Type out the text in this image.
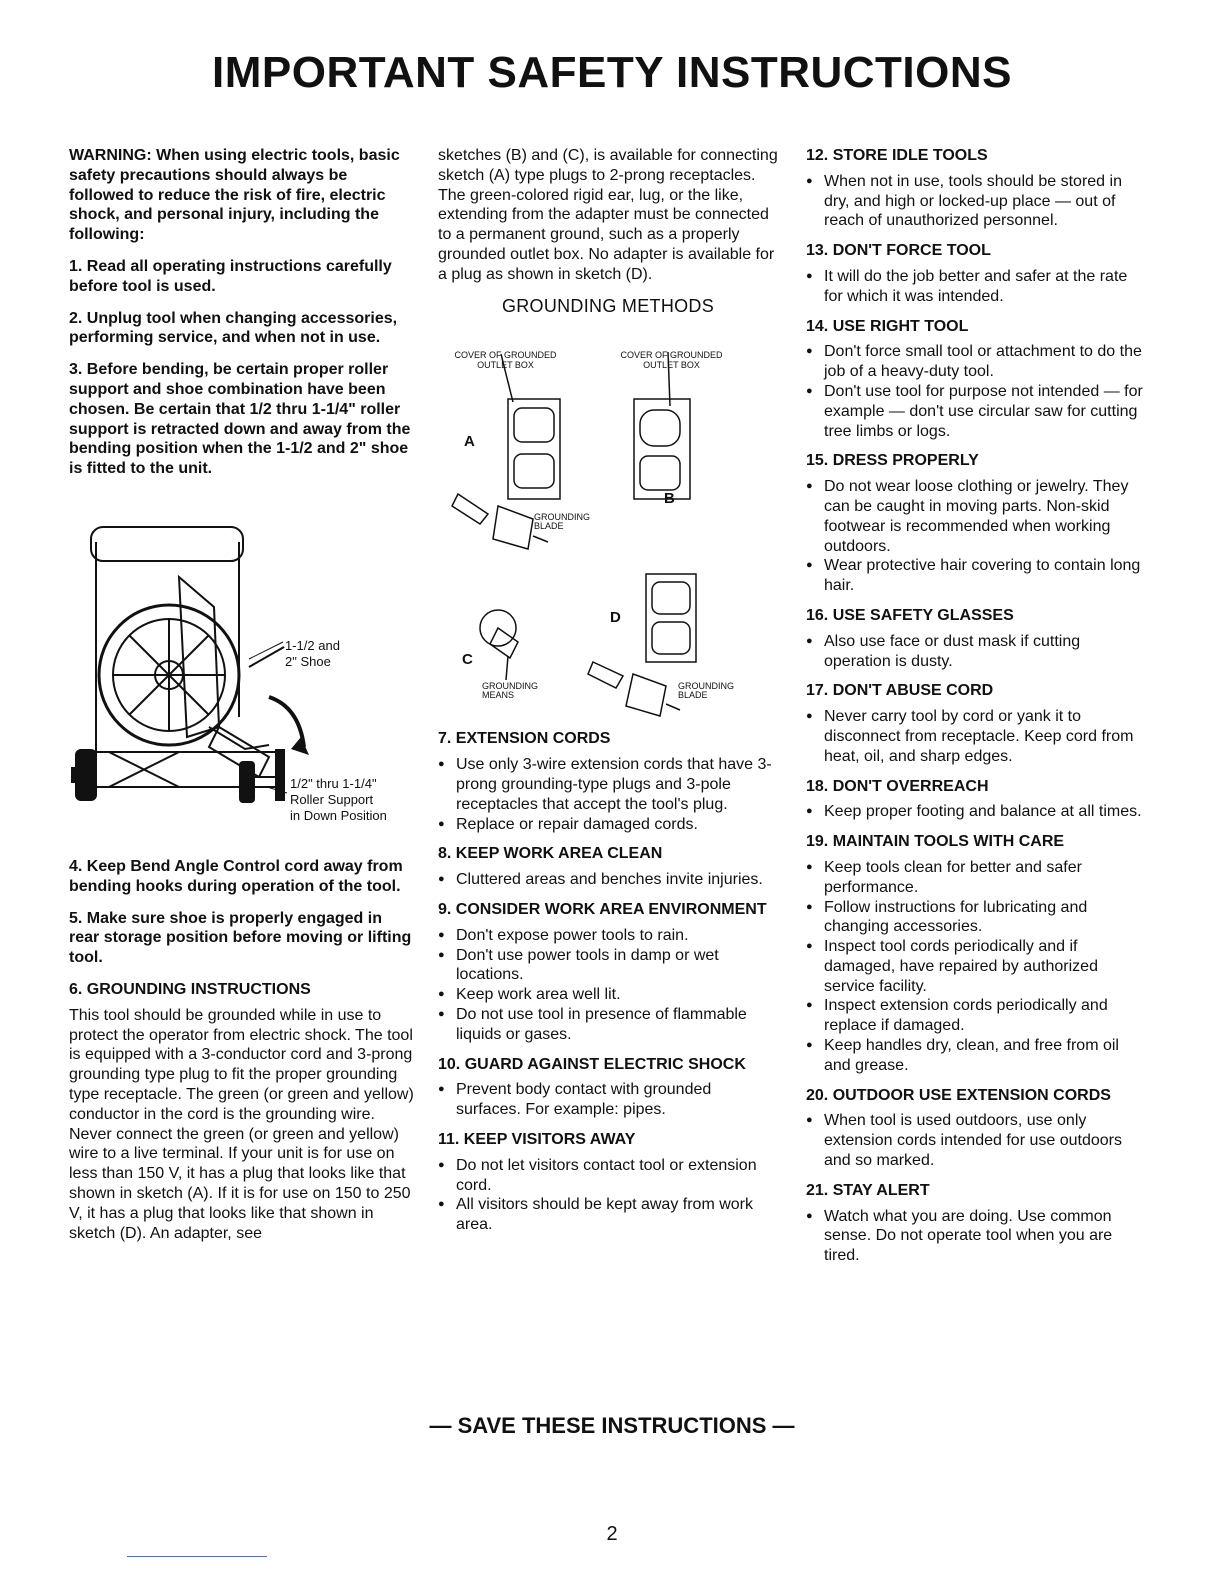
IMPORTANT SAFETY INSTRUCTIONS

WARNING: When using electric tools, basic safety precautions should always be followed to reduce the risk of fire, electric shock, and personal injury, including the following:

1. Read all operating instructions carefully before tool is used.

2. Unplug tool when changing accessories, performing service, and when not in use.

3. Before bending, be certain proper roller support and shoe combination have been chosen. Be certain that 1/2 thru 1-1/4" roller support is retracted down and away from the bending position when the 1-1/2 and 2" shoe is fitted to the unit.

1-1/2 and
2" Shoe
1/2" thru 1-1/4"
Roller Support
in Down Position

4. Keep Bend Angle Control cord away from bending hooks during operation of the tool.

5. Make sure shoe is properly engaged in rear storage position before moving or lifting tool.

6. GROUNDING INSTRUCTIONS

This tool should be grounded while in use to protect the operator from electric shock. The tool is equipped with a 3-conductor cord and 3-prong grounding type plug to fit the proper grounding type receptacle. The green (or green and yellow) conductor in the cord is the grounding wire. Never connect the green (or green and yellow) wire to a live terminal. If your unit is for use on less than 150 V, it has a plug that looks like that shown in sketch (A). If it is for use on 150 to 250 V, it has a plug that looks like that shown in sketch (D). An adapter, see

sketches (B) and (C), is available for connecting sketch (A) type plugs to 2-prong receptacles. The green-colored rigid ear, lug, or the like, extending from the adapter must be connected to a permanent ground, such as a properly grounded outlet box. No adapter is available for a plug as shown in sketch (D).

GROUNDING METHODS
COVER OF GROUNDED
OUTLET BOX
COVER OF GROUNDED
OUTLET BOX
A
B
C
D
GROUNDING
BLADE
GROUNDING
MEANS
GROUNDING
BLADE
7. EXTENSION CORDS
● Use only 3-wire extension cords that have 3-prong grounding-type plugs and 3-pole receptacles that accept the tool's plug.
● Replace or repair damaged cords.
8. KEEP WORK AREA CLEAN
● Cluttered areas and benches invite injuries.
9. CONSIDER WORK AREA ENVIRONMENT
● Don't expose power tools to rain.
● Don't use power tools in damp or wet locations.
● Keep work area well lit.
● Do not use tool in presence of flammable liquids or gases.
10. GUARD AGAINST ELECTRIC SHOCK
● Prevent body contact with grounded surfaces. For example: pipes.
11. KEEP VISITORS AWAY
● Do not let visitors contact tool or extension cord.
● All visitors should be kept away from work area.
12. STORE IDLE TOOLS
● When not in use, tools should be stored in dry, and high or locked-up place — out of reach of unauthorized personnel.
13. DON'T FORCE TOOL
● It will do the job better and safer at the rate for which it was intended.
14. USE RIGHT TOOL
● Don't force small tool or attachment to do the job of a heavy-duty tool.
● Don't use tool for purpose not intended — for example — don't use circular saw for cutting tree limbs or logs.
15. DRESS PROPERLY
● Do not wear loose clothing or jewelry. They can be caught in moving parts. Non-skid footwear is recommended when working outdoors.
● Wear protective hair covering to contain long hair.
16. USE SAFETY GLASSES
● Also use face or dust mask if cutting operation is dusty.
17. DON'T ABUSE CORD
● Never carry tool by cord or yank it to disconnect from receptacle. Keep cord from heat, oil, and sharp edges.
18. DON'T OVERREACH
● Keep proper footing and balance at all times.
19. MAINTAIN TOOLS WITH CARE
● Keep tools clean for better and safer performance.
● Follow instructions for lubricating and changing accessories.
● Inspect tool cords periodically and if damaged, have repaired by authorized service facility.
● Inspect extension cords periodically and replace if damaged.
● Keep handles dry, clean, and free from oil and grease.
20. OUTDOOR USE EXTENSION CORDS
● When tool is used outdoors, use only extension cords intended for use outdoors and so marked.
21. STAY ALERT
● Watch what you are doing. Use common sense. Do not operate tool when you are tired.
— SAVE THESE INSTRUCTIONS —
2
